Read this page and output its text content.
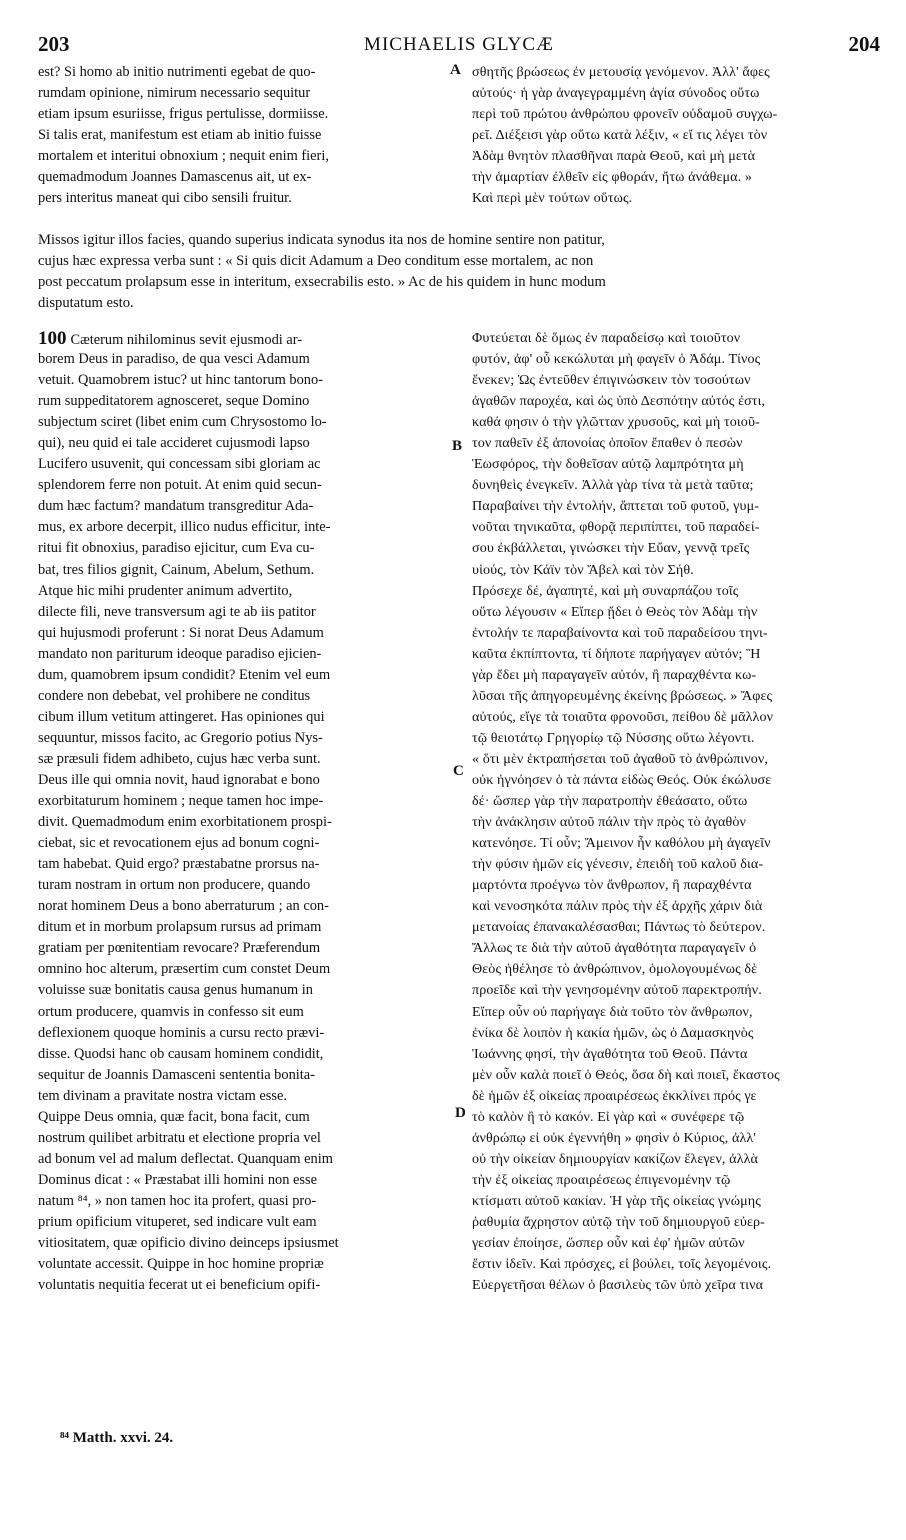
203	MICHAELIS GLYCÆ	204
est? Si homo ab initio nutrimenti egebat de quo-
rumdam opinione, nimirum necessario sequitur
etiam ipsum esuriisse, frigus pertulisse, dormiisse.
Si talis erat, manifestum est etiam ab initio fuisse
mortalem et interitui obnoxium ; nequit enim fieri,
quemadmodum Joannes Damascenus ait, ut ex-
pers interitus maneat qui cibo sensili fruitur.
σθητῆς βρώσεως ἐν μετουσίᾳ γενόμενον. Ἀλλ' ἄφες
αὐτούς· ἡ γὰρ ἀναγεγραμμένη ἁγία σύνοδος οὕτω
περὶ τοῦ πρώτου ἀνθρώπου φρονεῖν οὐδαμοῦ συγχω-
ρεῖ. Διέξεισι γὰρ οὕτω κατὰ λέξιν, « εἴ τις λέγει τὸν
Ἀδὰμ θνητὸν πλασθῆναι παρὰ Θεοῦ, καὶ μὴ μετὰ
τὴν ἁμαρτίαν ἐλθεῖν εἰς φθοράν, ἤτω ἀνάθεμα. »
Καὶ περὶ μὲν τούτων οὕτως.
Missos igitur illos facies, quando superius indicata synodus ita nos de homine sentire non patitur,
cujus hæc expressa verba sunt : « Si quis dicit Adamum a Deo conditum esse mortalem, ac non
post peccatum prolapsum esse in interitum, exsecrabilis esto. » Ac de his quidem in hunc modum
disputatum esto.
100 Cæterum nihilominus sevit ejusmodi ar-
borem Deus in paradiso, de qua vesci Adamum
vetuit. Quamobrem istuc? ut hinc tantorum bono-
rum suppeditatorem agnosceret, seque Domino
subjectum sciret (libet enim cum Chrysostomo lo-
qui), neu quid ei tale accideret cujusmodi lapso
Lucifero usuvenit, qui concessam sibi gloriam ac
splendorem ferre non potuit. At enim quid secun-
dum hæc factum? mandatum transgreditur Ada-
mus, ex arbore decerpit, illico nudus efficitur, inte-
ritui fit obnoxius, paradiso ejicitur, cum Eva cu-
bat, tres filios gignit, Cainum, Abelum, Sethum.
Atque hic mihi prudenter animum advertito,
dilecte fili, neve transversum agi te ab iis patitor
qui hujusmodi proferunt : Si norat Deus Adamum
mandato non pariturum ideoque paradiso ejicien-
dum, quamobrem ipsum condidit? Etenim vel eum
condere non debebat, vel prohibere ne conditus
cibum illum vetitum attingeret. Has opiniones qui
sequuntur, missos facito, ac Gregorio potius Nys-
sæ præsuli fidem adhibeto, cujus hæc verba sunt.
Deus ille qui omnia novit, haud ignorabat e bono
exorbitaturum hominem ; neque tamen hoc impe-
divit. Quemadmodum enim exorbitationem prospi-
ciebat, sic et revocationem ejus ad bonum cogni-
tam habebat. Quid ergo? præstabatne prorsus na-
turam nostram in ortum non producere, quando
norat hominem Deus a bono aberraturum ; an con-
ditum et in morbum prolapsum rursus ad primam
gratiam per pœnitentiam revocare? Præferendum
omnino hoc alterum, præsertim cum constet Deum
voluisse suæ bonitatis causa genus humanum in
ortum producere, quamvis in confesso sit eum
deflexionem quoque hominis a cursu recto prævi-
disse. Quodsi hanc ob causam hominem condidit,
sequitur de Joannis Damasceni sententia bonita-
tem divinam a pravitate nostra victam esse.
Quippe Deus omnia, quæ facit, bona facit, cum
nostrum quilibet arbitratu et electione propria vel
ad bonum vel ad malum deflectat. Quanquam enim
Dominus dicat : « Præstabat illi homini non esse
natum ⁸⁴, » non tamen hoc ita profert, quasi pro-
prium opificium vituperet, sed indicare vult eam
vitiositatem, quæ opificio divino deinceps ipsiusmet
voluntate accessit. Quippe in hoc homine propriæ
voluntatis nequitia fecerat ut ei beneficium opifi-
Φυτεύεται δὲ ὅμως ἐν παραδείσῳ καὶ τοιοῦτον
φυτόν, ἀφ' οὗ κεκώλυται μὴ φαγεῖν ὁ Ἀδάμ. Τίνος
ἕνεκεν; Ὡς ἐντεῦθεν ἐπιγινώσκειν τὸν τοσούτων
ἀγαθῶν παροχέα, καὶ ὡς ὑπὸ Δεσπότην αὐτός ἐστι,
καθά φησιν ὁ τὴν γλῶτταν χρυσοῦς, καὶ μὴ τοιοῦ-
τον παθεῖν ἐξ ἀπονοίας ὁποῖον ἔπαθεν ὁ πεσὼν
Ἑωσφόρος, τὴν δοθεῖσαν αὐτῷ λαμπρότητα μὴ
δυνηθεὶς ἐνεγκεῖν. Ἀλλὰ γὰρ τίνα τὰ μετὰ ταῦτα;
Παραβαίνει τὴν ἐντολήν, ἅπτεται τοῦ φυτοῦ, γυμ-
νοῦται τηνικαῦτα, φθορᾷ περιπίπτει, τοῦ παραδεί-
σου ἐκβάλλεται, γινώσκει τὴν Εὔαν, γεννᾷ τρεῖς
υἱούς, τὸν Κάϊν τὸν Ἄβελ καὶ τὸν Σήθ.
Πρόσεχε δέ, ἀγαπητέ, καὶ μὴ συναρπάζου τοῖς
οὕτω λέγουσιν « Εἴπερ ᾔδει ὁ Θεὸς τὸν Ἀδὰμ τὴν
ἐντολήν τε παραβαίνοντα καὶ τοῦ παραδείσου τηνι-
καῦτα ἐκπίπτοντα, τί δήποτε παρήγαγεν αὐτόν; Ἢ
γὰρ ἔδει μὴ παραγαγεῖν αὐτόν, ἢ παραχθέντα κω-
λῦσαι τῆς ἀπηγορευμένης ἐκείνης βρώσεως. » Ἄφες
αὐτούς, εἴγε τὰ τοιαῦτα φρονοῦσι, πείθου δὲ μᾶλλον
τῷ θειοτάτῳ Γρηγορίῳ τῷ Νύσσης οὕτω λέγοντι.
« ὅτι μὲν ἐκτραπήσεται τοῦ ἀγαθοῦ τὸ ἀνθρώπινον,
οὐκ ἠγνόησεν ὁ τὰ πάντα εἰδὼς Θεός. Οὐκ ἐκώλυσε
δέ· ὥσπερ γὰρ τὴν παρατροπὴν ἐθεάσατο, οὕτω
τὴν ἀνάκλησιν αὐτοῦ πάλιν τὴν πρὸς τὸ ἀγαθὸν
κατενόησε. Τί οὖν; Ἄμεινον ἦν καθόλου μὴ ἀγαγεῖν
τὴν φύσιν ἡμῶν εἰς γένεσιν, ἐπειδὴ τοῦ καλοῦ δια-
μαρτόντα προέγνω τὸν ἄνθρωπον, ἢ παραχθέντα
καὶ νενοσηκότα πάλιν πρὸς τὴν ἐξ ἀρχῆς χάριν διὰ
μετανοίας ἐπανακαλέσασθαι; Πάντως τὸ δεύτερον.
Ἄλλως τε διὰ τὴν αὐτοῦ ἀγαθότητα παραγαγεῖν ὁ
Θεὸς ἠθέλησε τὸ ἀνθρώπινον, ὁμολογουμένως δὲ
προεῖδε καὶ τὴν γενησομένην αὐτοῦ παρεκτροπήν.
Εἴπερ οὖν οὐ παρήγαγε διὰ τοῦτο τὸν ἄνθρωπον,
ἐνίκα δὲ λοιπὸν ἡ κακία ἡμῶν, ὡς ὁ Δαμασκηνὸς
Ἰωάννης φησί, τὴν ἀγαθότητα τοῦ Θεοῦ. Πάντα
μὲν οὖν καλὰ ποιεῖ ὁ Θεός, ὅσα δὴ καὶ ποιεῖ, ἕκαστος
δὲ ἡμῶν ἐξ οἰκείας προαιρέσεως ἐκκλίνει πρός γε
τὸ καλὸν ἢ τὸ κακόν. Εἰ γὰρ καὶ « συνέφερε τῷ
ἀνθρώπῳ εἰ οὐκ ἐγεννήθη » φησὶν ὁ Κύριος, ἀλλ'
οὐ τὴν οἰκείαν δημιουργίαν κακίζων ἔλεγεν, ἀλλὰ
τὴν ἐξ οἰκείας προαιρέσεως ἐπιγενομένην τῷ
κτίσματι αὐτοῦ κακίαν. Ἡ γὰρ τῆς οἰκείας γνώμης
ῥαθυμία ἄχρηστον αὐτῷ τὴν τοῦ δημιουργοῦ εὐερ-
γεσίαν ἐποίησε, ὥσπερ οὖν καὶ ἐφ' ἡμῶν αὐτῶν
ἔστιν ἰδεῖν. Καὶ πρόσχες, εἰ βούλει, τοῖς λεγομένοις.
Εὐεργετῆσαι θέλων ὁ βασιλεὺς τῶν ὑπὸ χεῖρα τινα
A
B
C
D
⁸⁴ Matth. xxvi. 24.
